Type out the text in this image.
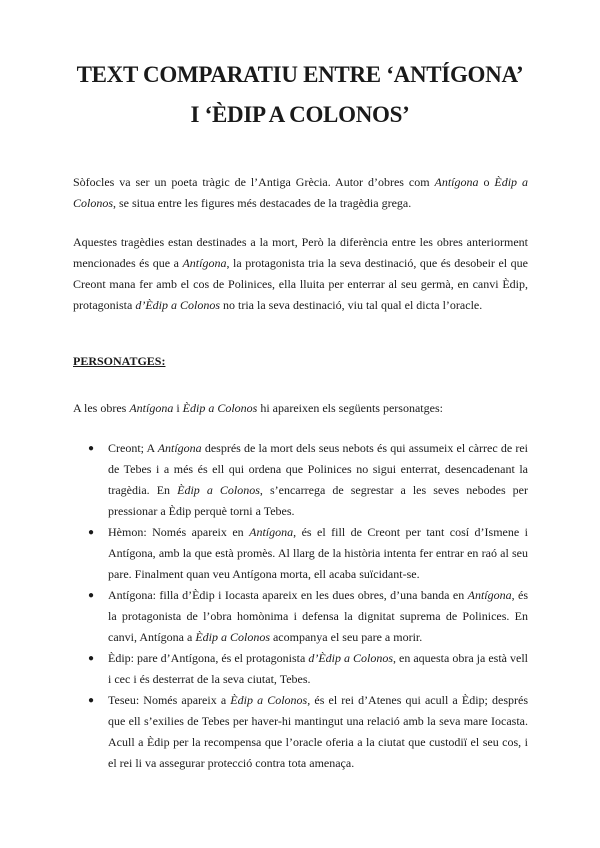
TEXT COMPARATIU ENTRE ‘ANTÍGONA’
I ‘ÈDIP A COLONOS’

Sòfocles va ser un poeta tràgic de l’Antiga Grècia. Autor d’obres com Antígona o Èdip a Colonos, se situa entre les figures més destacades de la tragèdia grega.

Aquestes tragèdies estan destinades a la mort, Però la diferència entre les obres anteriorment mencionades és que a Antígona, la protagonista tria la seva destinació, que és desobeir el que Creont mana fer amb el cos de Polinices, ella lluita per enterrar al seu germà, en canvi Èdip, protagonista d’Èdip a Colonos no tria la seva destinació, viu tal qual el dicta l’oracle.

PERSONATGES:

A les obres Antígona i Èdip a Colonos hi apareixen els següents personatges:

● Creont; A Antígona després de la mort dels seus nebots és qui assumeix el càrrec de rei de Tebes i a més és ell qui ordena que Polinices no sigui enterrat, desencadenant la tragèdia. En Èdip a Colonos, s’encarrega de segrestar a les seves nebodes per pressionar a Èdip perquè torni a Tebes.
● Hèmon: Només apareix en Antígona, és el fill de Creont per tant cosí d’Ismene i Antígona, amb la que està promès. Al llarg de la història intenta fer entrar en raó al seu pare. Finalment quan veu Antígona morta, ell acaba suïcidant-se.
● Antígona: filla d’Èdip i Iocasta apareix en les dues obres, d’una banda en Antígona, és la protagonista de l’obra homònima i defensa la dignitat suprema de Polinices. En canvi, Antígona a Èdip a Colonos acompanya el seu pare a morir.
● Èdip: pare d’Antígona, és el protagonista d’Èdip a Colonos, en aquesta obra ja està vell i cec i és desterrat de la seva ciutat, Tebes.
● Teseu: Només apareix a Èdip a Colonos, és el rei d’Atenes qui acull a Èdip; després que ell s’exilies de Tebes per haver-hi mantingut una relació amb la seva mare Iocasta. Acull a Èdip per la recompensa que l’oracle oferia a la ciutat que custodiï el seu cos, i el rei li va assegurar protecció contra tota amenaça.
